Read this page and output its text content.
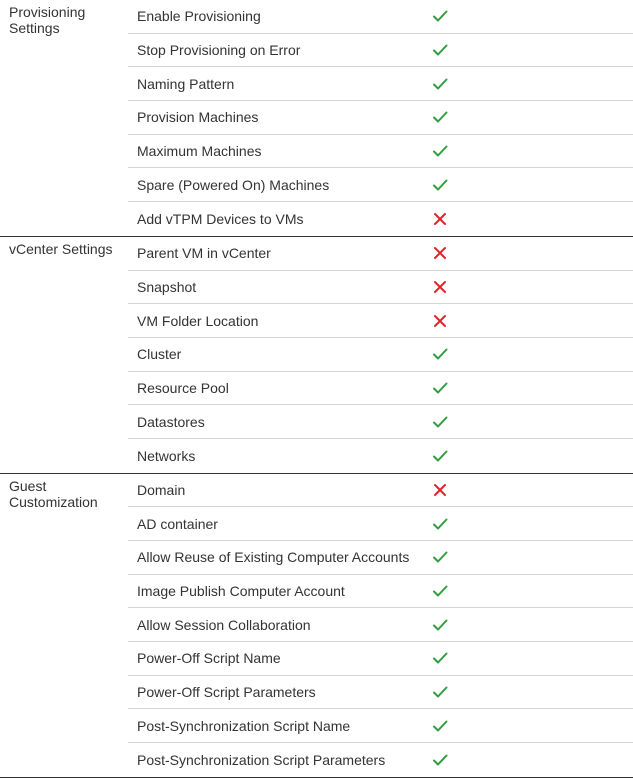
Provisioning Settings
Enable Provisioning
Stop Provisioning on Error
Naming Pattern
Provision Machines
Maximum Machines
Spare (Powered On) Machines
Add vTPM Devices to VMs
vCenter Settings	Parent VM in vCenter
Snapshot
VM Folder Location
Cluster
Resource Pool
Datastores
Networks
Guest Customization
Domain
AD container
Allow Reuse of Existing Computer Accounts
Image Publish Computer Account
Allow Session Collaboration
Power-Off Script Name
Power-Off Script Parameters
Post-Synchronization Script Name
Post-Synchronization Script Parameters
